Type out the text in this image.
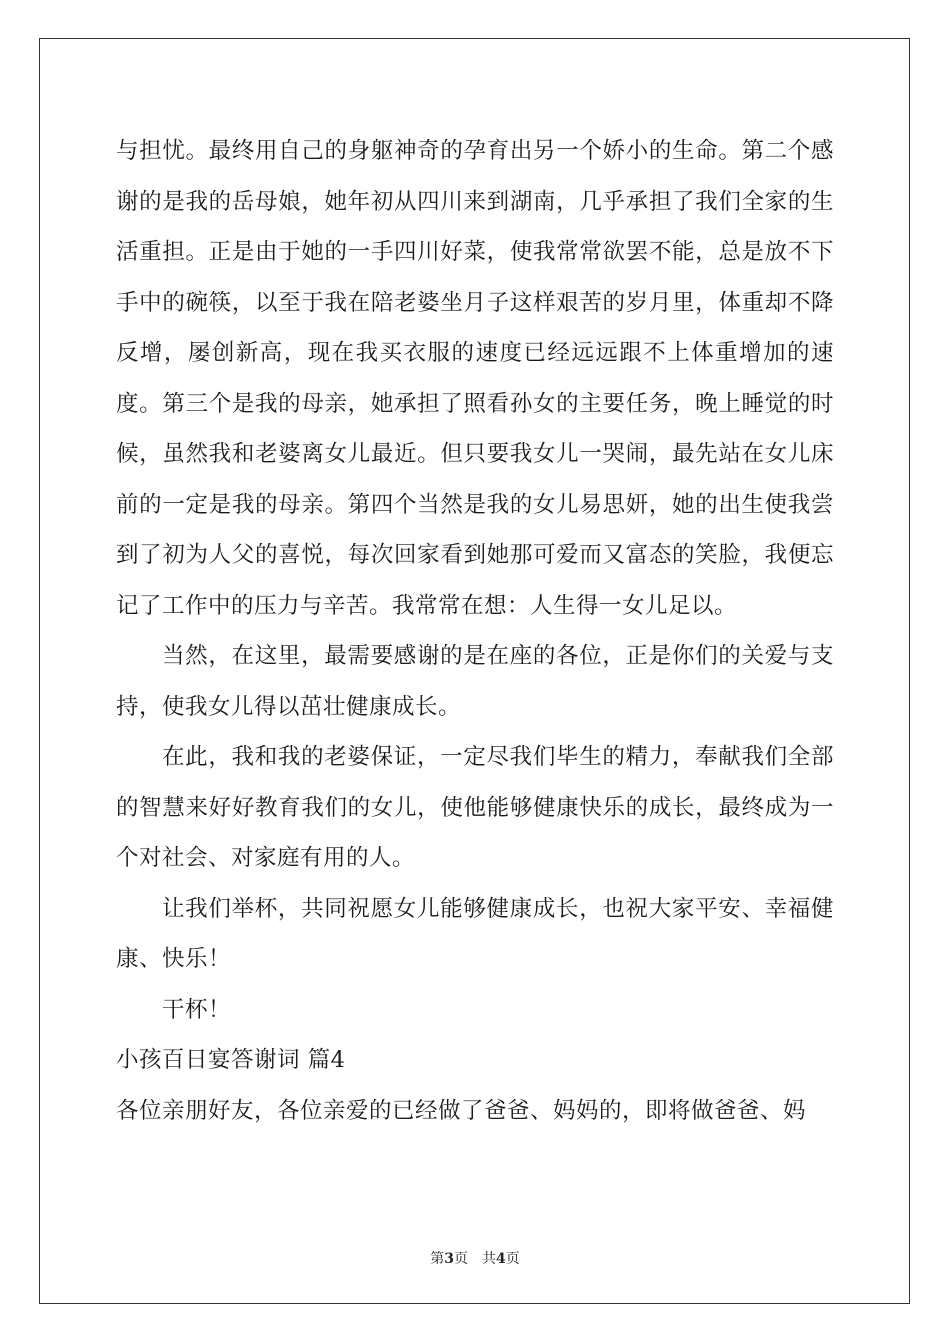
与担忧。最终用自己的身躯神奇的孕育出另一个娇小的生命。第二个感谢的是我的岳母娘，她年初从四川来到湖南，几乎承担了我们全家的生活重担。正是由于她的一手四川好菜，使我常常欲罢不能，总是放不下手中的碗筷，以至于我在陪老婆坐月子这样艰苦的岁月里，体重却不降反增，屡创新高，现在我买衣服的速度已经远远跟不上体重增加的速度。第三个是我的母亲，她承担了照看孙女的主要任务，晚上睡觉的时候，虽然我和老婆离女儿最近。但只要我女儿一哭闹，最先站在女儿床前的一定是我的母亲。第四个当然是我的女儿易思妍，她的出生使我尝到了初为人父的喜悦，每次回家看到她那可爱而又富态的笑脸，我便忘记了工作中的压力与辛苦。我常常在想：人生得一女儿足以。

当然，在这里，最需要感谢的是在座的各位，正是你们的关爱与支持，使我女儿得以茁壮健康成长。

在此，我和我的老婆保证，一定尽我们毕生的精力，奉献我们全部的智慧来好好教育我们的女儿，使他能够健康快乐的成长，最终成为一个对社会、对家庭有用的人。

让我们举杯，共同祝愿女儿能够健康成长，也祝大家平安、幸福健康、快乐！

干杯！

小孩百日宴答谢词 篇4

各位亲朋好友，各位亲爱的已经做了爸爸、妈妈的，即将做爸爸、妈

第3页 共4页
